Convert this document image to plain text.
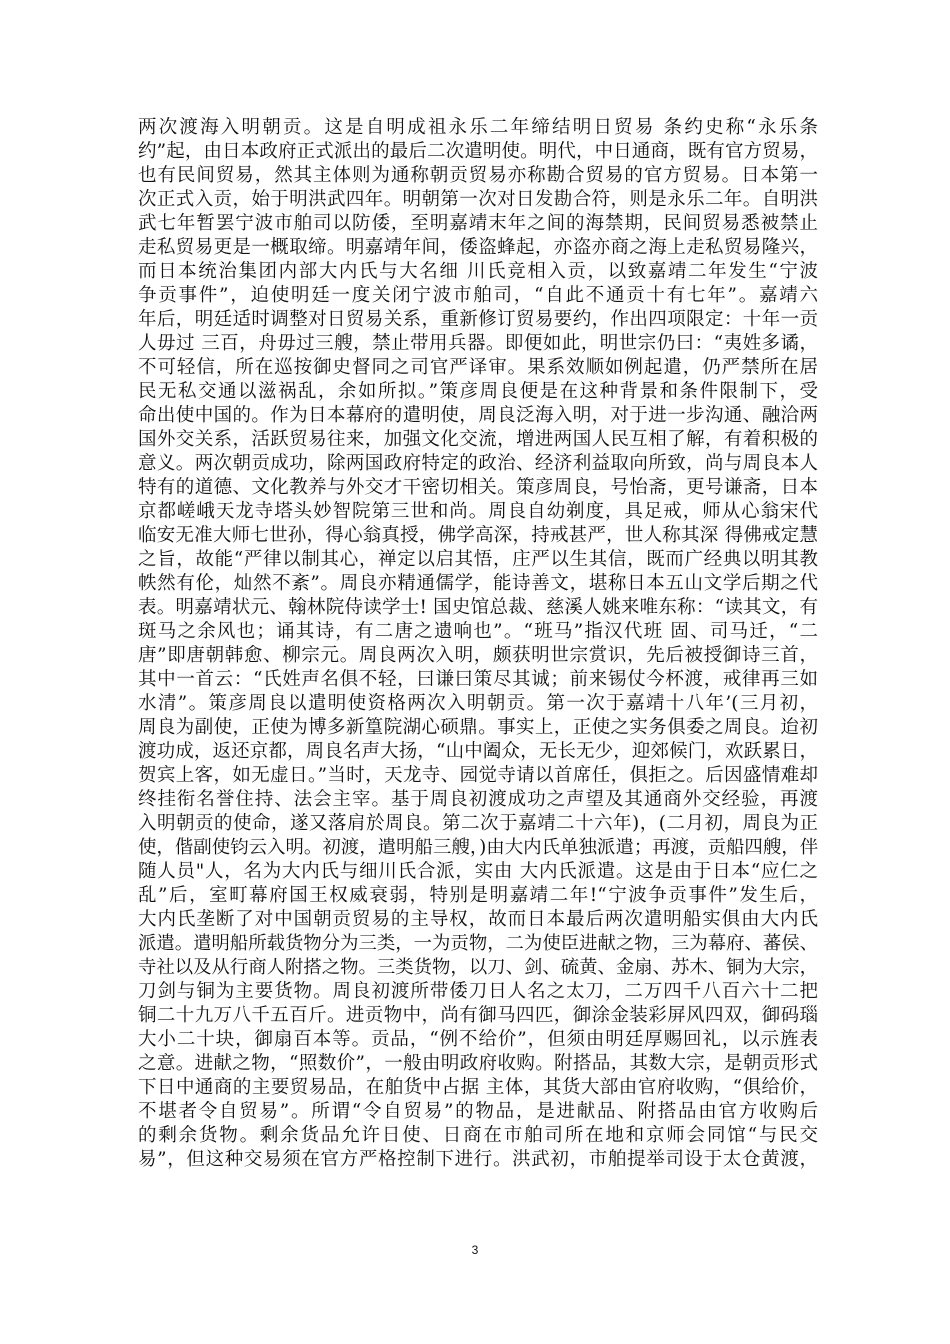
两次渡海入明朝贡。这是自明成祖永乐二年缔结明日贸易 条约史称“永乐条
约”起，由日本政府正式派出的最后二次遣明使。明代，中日通商，既有官方贸易，
也有民间贸易，然其主体则为通称朝贡贸易亦称勘合贸易的官方贸易。日本第一
次正式入贡，始于明洪武四年。明朝第一次对日发勘合符，则是永乐二年。自明洪
武七年暂罢宁波市舶司以防倭，至明嘉靖末年之间的海禁期，民间贸易悉被禁止
走私贸易更是一概取缔。明嘉靖年间，倭盗蜂起，亦盗亦商之海上走私贸易隆兴，
而日本统治集团内部大内氏与大名细 川氏竞相入贡，以致嘉靖二年发生“宁波
争贡事件”，迫使明廷一度关闭宁波市舶司，“自此不通贡十有七年”。嘉靖六
年后，明廷适时调整对日贸易关系，重新修订贸易要约，作出四项限定：十年一贡
人毋过 三百，舟毋过三艘，禁止带用兵器。即便如此，明世宗仍曰：“夷姓多谲，
不可轻信，所在巡按御史督同之司官严译审。果系效顺如例起遣，仍严禁所在居
民无私交通以滋祸乱，余如所拟。”策彦周良便是在这种背景和条件限制下，受
命出使中国的。作为日本幕府的遣明使，周良泛海入明，对于进一步沟通、融洽两
国外交关系，活跃贸易往来，加强文化交流，增进两国人民互相了解，有着积极的
意义。两次朝贡成功，除两国政府特定的政治、经济利益取向所致，尚与周良本人
特有的道德、文化教养与外交才干密切相关。策彦周良，号怡斋，更号谦斋，日本
京都嵯峨天龙寺塔头妙智院第三世和尚。周良自幼剃度，具足戒，师从心翁宋代
临安无准大师七世孙，得心翁真授，佛学高深，持戒甚严，世人称其深 得佛戒定慧
之旨，故能“严律以制其心，禅定以启其悟，庄严以生其信，既而广经典以明其教
帙然有伦，灿然不紊”。周良亦精通儒学，能诗善文，堪称日本五山文学后期之代
表。明嘉靖状元、翰林院侍读学士! 国史馆总裁、慈溪人姚来唯东称：“读其文，有
斑马之余风也；诵其诗，有二唐之遗响也”。“班马”指汉代班 固、司马迁，“二
唐”即唐朝韩愈、柳宗元。周良两次入明，颇获明世宗赏识，先后被授御诗三首，
其中一首云：“氏姓声名俱不轻，曰谦曰策尽其诚；前来锡仗今杯渡，戒律再三如
水清”。策彦周良以遣明使资格两次入明朝贡。第一次于嘉靖十八年’(三月初，
周良为副使，正使为博多新篁院湖心硕鼎。事实上，正使之实务俱委之周良。迨初
渡功成，返还京都，周良名声大扬，“山中阖众，无长无少，迎郊候门，欢跃累日，
贺宾上客，如无虚日。”当时，天龙寺、园觉寺请以首席任，俱拒之。后因盛情难却
终挂衔名誉住持、法会主宰。基于周良初渡成功之声望及其通商外交经验，再渡
入明朝贡的使命，遂又落肩於周良。第二次于嘉靖二十六年)，(二月初，周良为正
使，偕副使钧云入明。初渡，遣明船三艘，)由大内氏单独派遣；再渡，贡船四艘，伴
随人员"人，名为大内氏与细川氏合派，实由 大内氏派遣。这是由于日本“应仁之
乱”后，室町幕府国王权威衰弱，特别是明嘉靖二年!“宁波争贡事件”发生后，
大内氏垄断了对中国朝贡贸易的主导权，故而日本最后两次遣明船实俱由大内氏
派遣。遣明船所载货物分为三类，一为贡物，二为使臣进献之物，三为幕府、蕃侯、
寺社以及从行商人附搭之物。三类货物，以刀、剑、硫黄、金扇、苏木、铜为大宗，
刀剑与铜为主要货物。周良初渡所带倭刀日人名之太刀，二万四千八百六十二把
铜二十九万八千五百斤。进贡物中，尚有御马四匹，御涂金装彩屏风四双，御码瑙
大小二十块，御扇百本等。贡品，“例不给价”，但须由明廷厚赐回礼，以示旌表
之意。进献之物，“照数价”，一般由明政府收购。附搭品，其数大宗，是朝贡形式
下日中通商的主要贸易品，在舶货中占据 主体，其货大部由官府收购，“俱给价，
不堪者令自贸易”。所谓“令自贸易”的物品，是进献品、附搭品由官方收购后
的剩余货物。剩余货品允许日使、日商在市舶司所在地和京师会同馆“与民交
易”，但这种交易须在官方严格控制下进行。洪武初，市舶提举司设于太仓黄渡，
3
